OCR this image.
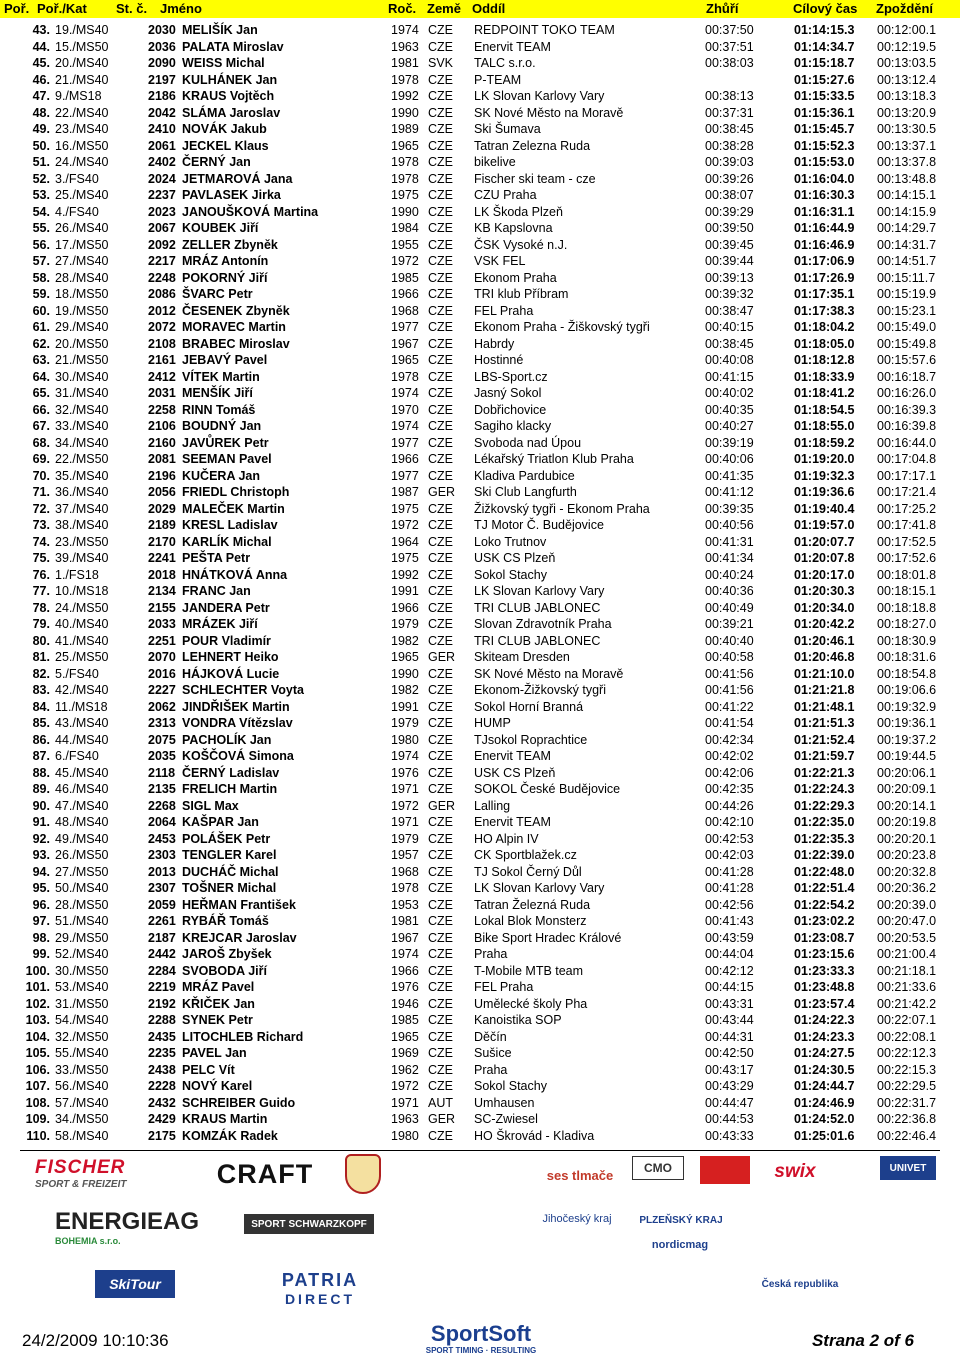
Poř. Poř./Kat St. č. Jméno	Roč. Země Oddíl	Zhůří	Cílový čas Zpoždění
43. 19./MS40	2030 MELIŠÍK Jan	1974 CZE REDPOINT TOKO TEAM	00:37:50	01:14:15.3 00:12:00.1
44. 15./MS50	2036 PALATA Miroslav	1963 CZE Enervit TEAM	00:37:51	01:14:34.7 00:12:19.5
45. 20./MS40	2090 WEISS Michal	1981 SVK TALC s.r.o.	00:38:03	01:15:18.7 00:13:03.5
46. 21./MS40	2197 KULHÁNEK Jan	1978 CZE P-TEAM	01:15:27.6 00:13:12.4
47. 9./MS18	2186 KRAUS Vojtěch	1992 CZE LK Slovan Karlovy Vary	00:38:13	01:15:33.5 00:13:18.3
48. 22./MS40	2042 SLÁMA Jaroslav	1990 CZE SK Nové Město na Moravě	00:37:31	01:15:36.1 00:13:20.9
49. 23./MS40	2410 NOVÁK Jakub	1989 CZE Ski Šumava	00:38:45	01:15:45.7 00:13:30.5
50. 16./MS50	2061 JECKEL Klaus	1965 CZE Tatran Zelezna Ruda	00:38:28	01:15:52.3 00:13:37.1
51. 24./MS40	2402 ČERNÝ Jan	1978 CZE bikelive	00:39:03	01:15:53.0 00:13:37.8
52. 3./FS40	2024 JETMAROVÁ Jana	1978 CZE Fischer ski team - cze	00:39:26	01:16:04.0 00:13:48.8
53. 25./MS40	2237 PAVLASEK Jirka	1975 CZE CZU Praha	00:38:07	01:16:30.3 00:14:15.1
54. 4./FS40	2023 JANOUŠKOVÁ Martina	1990 CZE LK Škoda Plzeň	00:39:29	01:16:31.1 00:14:15.9
55. 26./MS40	2067 KOUBEK Jiří	1984 CZE KB Kapslovna	00:39:50	01:16:44.9 00:14:29.7
56. 17./MS50	2092 ZELLER Zbyněk	1955 CZE ČSK Vysoké n.J.	00:39:45	01:16:46.9 00:14:31.7
57. 27./MS40	2217 MRÁZ Antonín	1972 CZE VSK FEL	00:39:44	01:17:06.9 00:14:51.7
58. 28./MS40	2248 POKORNÝ Jiří	1985 CZE Ekonom Praha	00:39:13	01:17:26.9 00:15:11.7
59. 18./MS50	2086 ŠVARC Petr	1966 CZE TRI klub Příbram	00:39:32	01:17:35.1 00:15:19.9
60. 19./MS50	2012 ČESENEK Zbyněk	1968 CZE FEL Praha	00:38:47	01:17:38.3 00:15:23.1
61. 29./MS40	2072 MORAVEC Martin	1977 CZE Ekonom Praha - Žiškovský tygři	00:40:15	01:18:04.2 00:15:49.0
62. 20./MS50	2108 BRABEC Miroslav	1967 CZE Habrdy	00:38:45	01:18:05.0 00:15:49.8
63. 21./MS50	2161 JEBAVÝ Pavel	1965 CZE Hostinné	00:40:08	01:18:12.8 00:15:57.6
64. 30./MS40	2412 VÍTEK Martin	1978 CZE LBS-Sport.cz	00:41:15	01:18:33.9 00:16:18.7
65. 31./MS40	2031 MENŠÍK Jiří	1974 CZE Jasný Sokol	00:40:02	01:18:41.2 00:16:26.0
66. 32./MS40	2258 RINN Tomáš	1970 CZE Dobřichovice	00:40:35	01:18:54.5 00:16:39.3
67. 33./MS40	2106 BOUDNÝ Jan	1974 CZE Sagiho klacky	00:40:27	01:18:55.0 00:16:39.8
68. 34./MS40	2160 JAVŮREK Petr	1977 CZE Svoboda nad Úpou	00:39:19	01:18:59.2 00:16:44.0
69. 22./MS50	2081 SEEMAN Pavel	1966 CZE Lékařský Triatlon Klub Praha	00:40:06	01:19:20.0 00:17:04.8
70. 35./MS40	2196 KUČERA Jan	1977 CZE Kladiva Pardubice	00:41:35	01:19:32.3 00:17:17.1
71. 36./MS40	2056 FRIEDL Christoph	1987 GER Ski Club Langfurth	00:41:12	01:19:36.6 00:17:21.4
72. 37./MS40	2029 MALEČEK Martin	1975 CZE Žižkovský tygři - Ekonom Praha	00:39:35	01:19:40.4 00:17:25.2
73. 38./MS40	2189 KRESL Ladislav	1972 CZE TJ Motor Č. Budějovice	00:40:56	01:19:57.0 00:17:41.8
74. 23./MS50	2170 KARLÍK Michal	1964 CZE Loko Trutnov	00:41:31	01:20:07.7 00:17:52.5
75. 39./MS40	2241 PEŠTA Petr	1975 CZE USK CS Plzeň	00:41:34	01:20:07.8 00:17:52.6
76. 1./FS18	2018 HNÁTKOVÁ Anna	1992 CZE Sokol Stachy	00:40:24	01:20:17.0 00:18:01.8
77. 10./MS18	2134 FRANC Jan	1991 CZE LK Slovan Karlovy Vary	00:40:36	01:20:30.3 00:18:15.1
78. 24./MS50	2155 JANDERA Petr	1966 CZE TRI CLUB JABLONEC	00:40:49	01:20:34.0 00:18:18.8
79. 40./MS40	2033 MRÁZEK Jiří	1979 CZE Slovan Zdravotník Praha	00:39:21	01:20:42.2 00:18:27.0
80. 41./MS40	2251 POUR Vladimír	1982 CZE TRI CLUB JABLONEC	00:40:40	01:20:46.1 00:18:30.9
81. 25./MS50	2070 LEHNERT Heiko	1965 GER Skiteam Dresden	00:40:58	01:20:46.8 00:18:31.6
82. 5./FS40	2016 HÁJKOVÁ Lucie	1990 CZE SK Nové Město na Moravě	00:41:56	01:21:10.0 00:18:54.8
83. 42./MS40	2227 SCHLECHTER Voyta	1982 CZE Ekonom-Žižkovský tygři	00:41:56	01:21:21.8 00:19:06.6
84. 11./MS18	2062 JINDŘIŠEK Martin	1991 CZE Sokol Horní Branná	00:41:22	01:21:48.1 00:19:32.9
85. 43./MS40	2313 VONDRA Vítězslav	1979 CZE HUMP	00:41:54	01:21:51.3 00:19:36.1
86. 44./MS40	2075 PACHOLÍK Jan	1980 CZE TJsokol Roprachtice	00:42:34	01:21:52.4 00:19:37.2
87. 6./FS40	2035 KOŠČOVÁ Simona	1974 CZE Enervit TEAM	00:42:02	01:21:59.7 00:19:44.5
88. 45./MS40	2118 ČERNÝ Ladislav	1976 CZE USK CS Plzeň	00:42:06	01:22:21.3 00:20:06.1
89. 46./MS40	2135 FRELICH Martin	1971 CZE SOKOL České Budějovice	00:42:35	01:22:24.3 00:20:09.1
90. 47./MS40	2268 SIGL Max	1972 GER Lalling	00:44:26	01:22:29.3 00:20:14.1
91. 48./MS40	2064 KAŠPAR Jan	1971 CZE Enervit TEAM	00:42:10	01:22:35.0 00:20:19.8
92. 49./MS40	2453 POLÁŠEK Petr	1979 CZE HO Alpin IV	00:42:53	01:22:35.3 00:20:20.1
93. 26./MS50	2303 TENGLER Karel	1957 CZE CK Sportblažek.cz	00:42:03	01:22:39.0 00:20:23.8
94. 27./MS50	2013 DUCHÁČ Michal	1968 CZE TJ Sokol Černý Důl	00:41:28	01:22:48.0 00:20:32.8
95. 50./MS40	2307 TOŠNER Michal	1978 CZE LK Slovan Karlovy Vary	00:41:28	01:22:51.4 00:20:36.2
96. 28./MS50	2059 HEŘMAN František	1953 CZE Tatran Železná Ruda	00:42:56	01:22:54.2 00:20:39.0
97. 51./MS40	2261 RYBÁŘ Tomáš	1981 CZE Lokal Blok Monsterz	00:41:43	01:23:02.2 00:20:47.0
98. 29./MS50	2187 KREJCAR Jaroslav	1967 CZE Bike Sport Hradec Králové	00:43:59	01:23:08.7 00:20:53.5
99. 52./MS40	2442 JAROŠ Zbyšek	1974 CZE Praha	00:44:04	01:23:15.6 00:21:00.4
100. 30./MS50	2284 SVOBODA Jiří	1966 CZE T-Mobile MTB team	00:42:12	01:23:33.3 00:21:18.1
101. 53./MS40	2219 MRÁZ Pavel	1976 CZE FEL Praha	00:44:15	01:23:48.8 00:21:33.6
102. 31./MS50	2192 KŘIČEK Jan	1946 CZE Umělecké školy Pha	00:43:31	01:23:57.4 00:21:42.2
103. 54./MS40	2288 SYNEK Petr	1985 CZE Kanoistika SOP	00:43:44	01:24:22.3 00:22:07.1
104. 32./MS50	2435 LITOCHLEB Richard	1965 CZE Děčín	00:44:31	01:24:23.3 00:22:08.1
105. 55./MS40	2235 PAVEL Jan	1969 CZE Sušice	00:42:50	01:24:27.5 00:22:12.3
106. 33./MS50	2438 PELC Vít	1962 CZE Praha	00:43:17	01:24:30.5 00:22:15.3
107. 56./MS40	2228 NOVÝ Karel	1972 CZE Sokol Stachy	00:43:29	01:24:44.7 00:22:29.5
108. 57./MS40	2432 SCHREIBER Guido	1971 AUT Umhausen	00:44:47	01:24:46.9 00:22:31.7
109. 34./MS50	2429 KRAUS Martin	1963 GER SC-Zwiesel	00:44:53	01:24:52.0 00:22:36.8
110. 58./MS40	2175 KOMZÁK Radek	1980 CZE HO Škrovád - Kladiva	00:43:33	01:25:01.6 00:22:46.4
FISCHER
SPORT & FREIZEIT	CRAFT	ses tlmače	CMO	swix	UNIVET
ENERGIEAG
BOHEMIA s.r.o.
SPORT SCHWARZKOPF	Jihočeský kraj	PLZEŇSKÝ KRAJ
nordicmag
SkiTour	PATRIA
DIRECT
Česká republika
SportSoft
SPORT TIMING · RESULTING
24/2/2009 10:10:36	Strana 2 of 6
